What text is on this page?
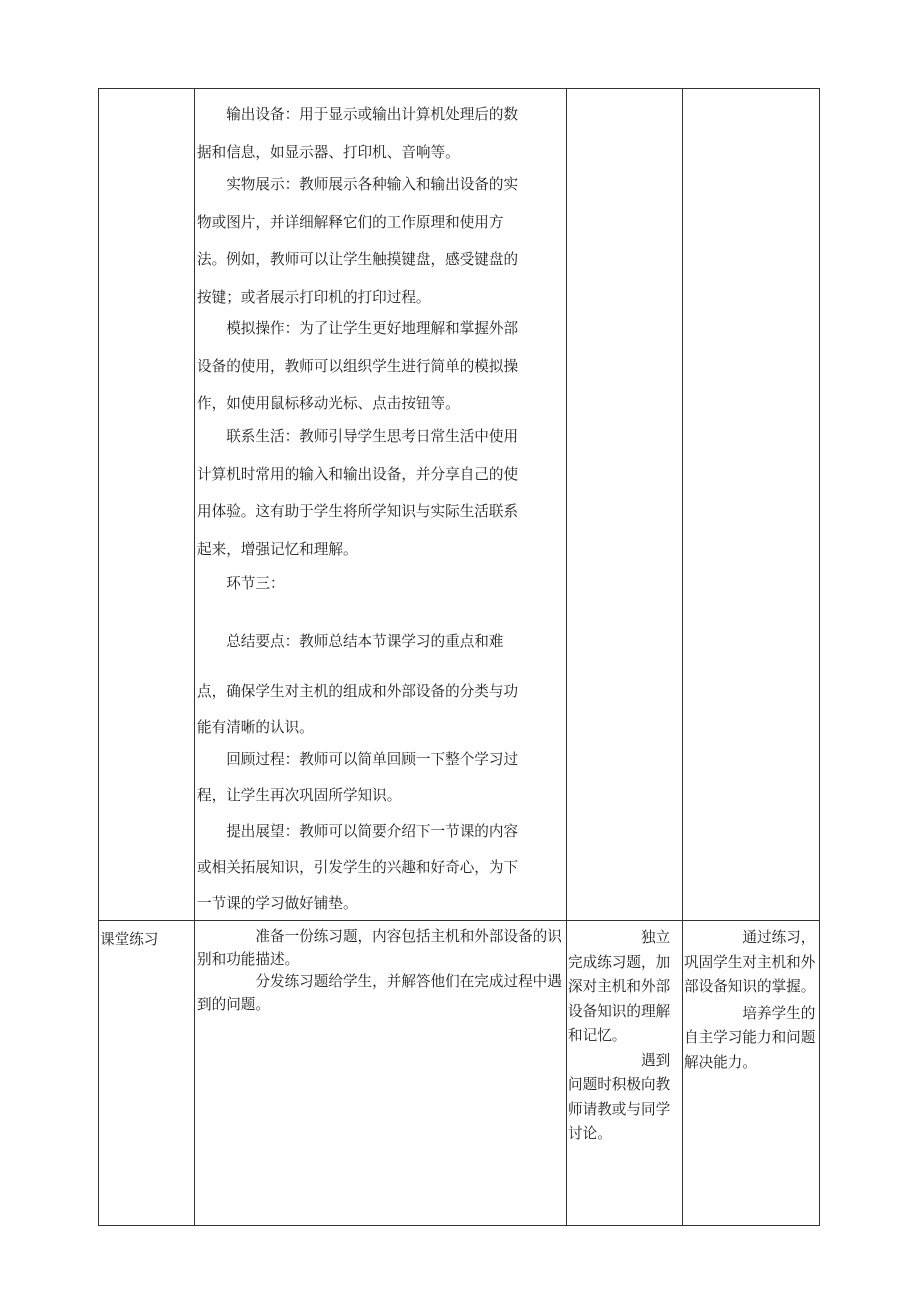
　　输出设备：用于显示或输出计算机处理后的数
据和信息，如显示器、打印机、音响等。
　　实物展示：教师展示各种输入和输出设备的实
物或图片，并详细解释它们的工作原理和使用方
法。例如，教师可以让学生触摸键盘，感受键盘的
按键；或者展示打印机的打印过程。
　　模拟操作：为了让学生更好地理解和掌握外部
设备的使用，教师可以组织学生进行简单的模拟操
作，如使用鼠标移动光标、点击按钮等。
　　联系生活：教师引导学生思考日常生活中使用
计算机时常用的输入和输出设备，并分享自己的使
用体验。这有助于学生将所学知识与实际生活联系
起来，增强记忆和理解。
　　环节三：
　　总结要点：教师总结本节课学习的重点和难
点，确保学生对主机的组成和外部设备的分类与功
能有清晰的认识。
　　回顾过程：教师可以简单回顾一下整个学习过
程，让学生再次巩固所学知识。
　　提出展望：教师可以简要介绍下一节课的内容
或相关拓展知识，引发学生的兴趣和好奇心，为下
一节课的学习做好铺垫。
课堂练习	　　　　准备一份练习题，内容包括主机和外部设备的识别和功能描述。
　　　　分发练习题给学生，并解答他们在完成过程中遇到的问题。
　　　　　独立完成练习题，加深对主机和外部设备知识的理解和记忆。
　　　　　遇到问题时积极向教师请教或与同学讨论。
　　　　通过练习，巩固学生对主机和外部设备知识的掌握。
　　　　培养学生的自主学习能力和问题解决能力。
